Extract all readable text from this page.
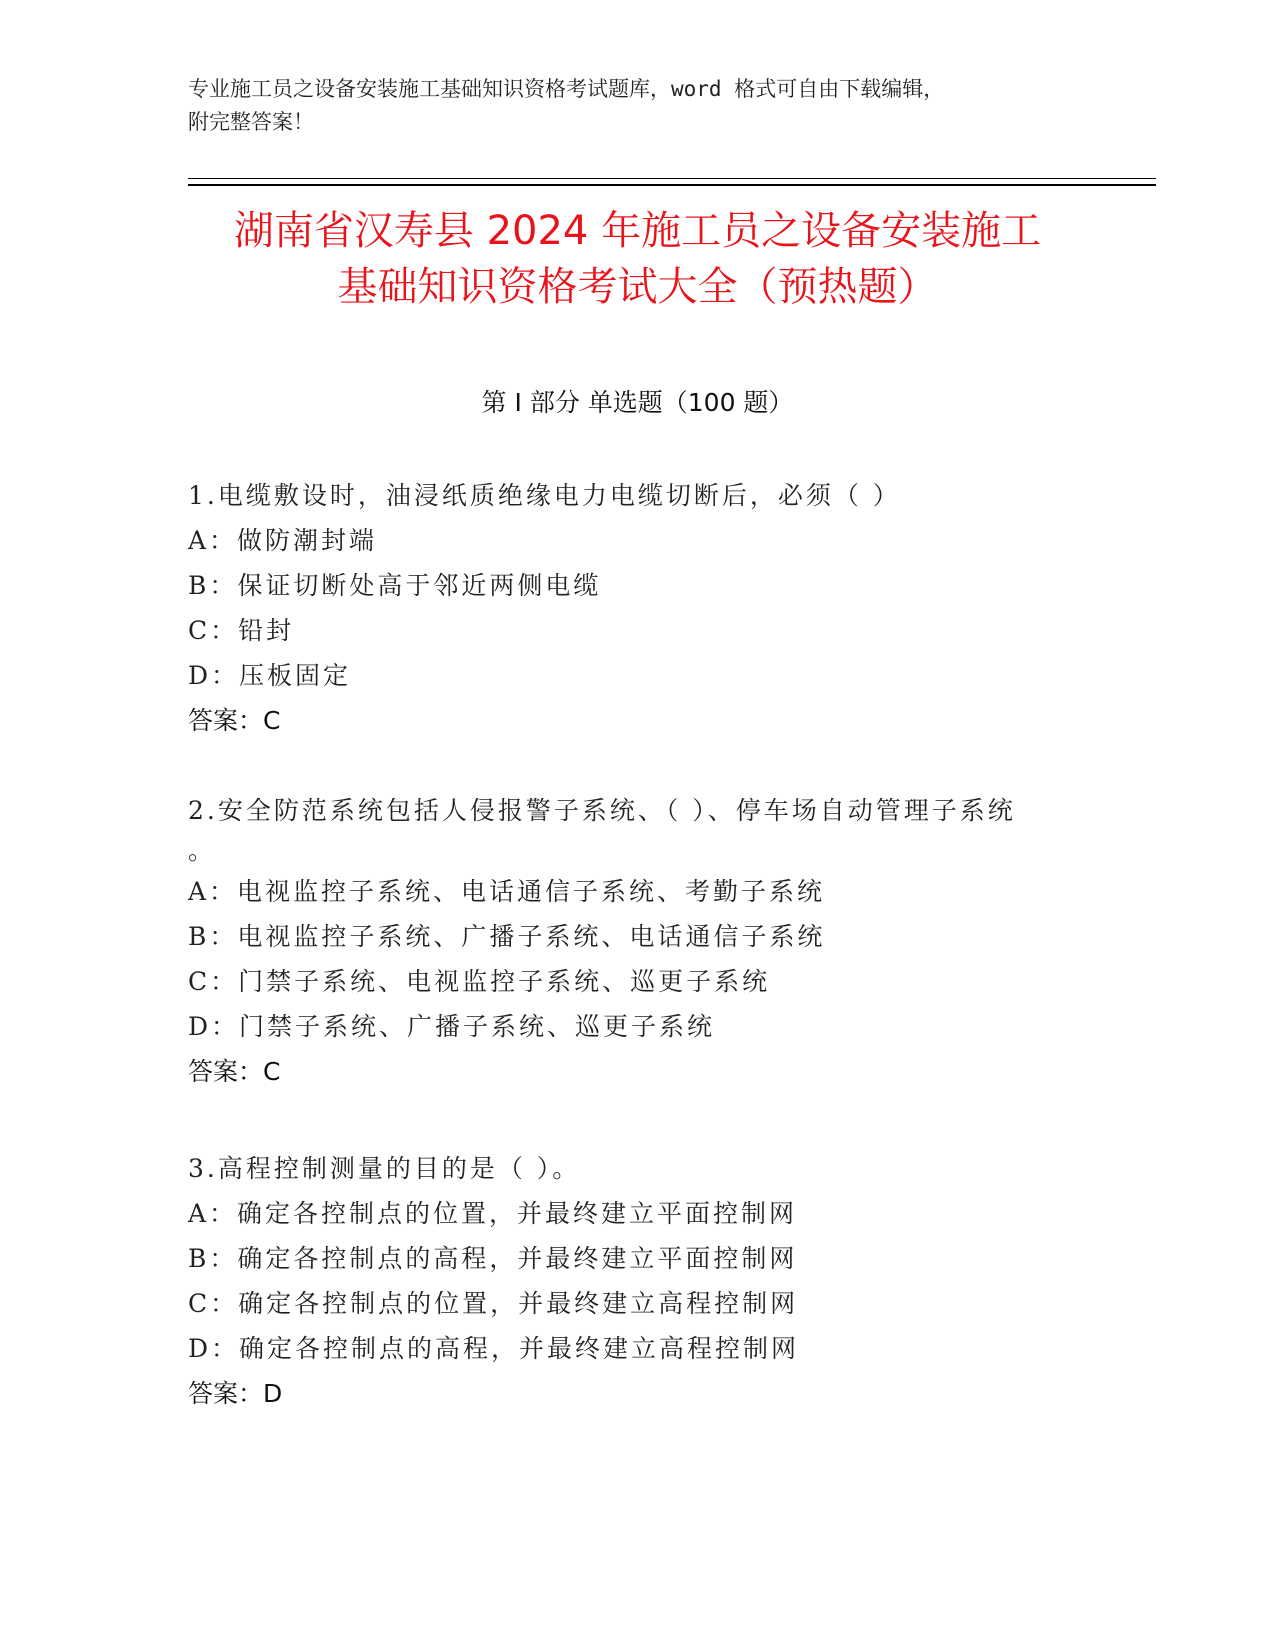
专业施工员之设备安装施工基础知识资格考试题库，word 格式可自由下载编辑，
附完整答案！
湖南省汉寿县 2024 年施工员之设备安装施工
基础知识资格考试大全（预热题）
第 I 部分 单选题（100 题）
1.电缆敷设时，油浸纸质绝缘电力电缆切断后，必须（ ）
A：做防潮封端
B：保证切断处高于邻近两侧电缆
C：铅封
D：压板固定
答案：C
2.安全防范系统包括人侵报警子系统、（ ）、停车场自动管理子系统
。
A：电视监控子系统、电话通信子系统、考勤子系统
B：电视监控子系统、广播子系统、电话通信子系统
C：门禁子系统、电视监控子系统、巡更子系统
D：门禁子系统、广播子系统、巡更子系统
答案：C
3.高程控制测量的目的是（ ）。
A：确定各控制点的位置，并最终建立平面控制网
B：确定各控制点的高程，并最终建立平面控制网
C：确定各控制点的位置，并最终建立高程控制网
D：确定各控制点的高程，并最终建立高程控制网
答案：D
